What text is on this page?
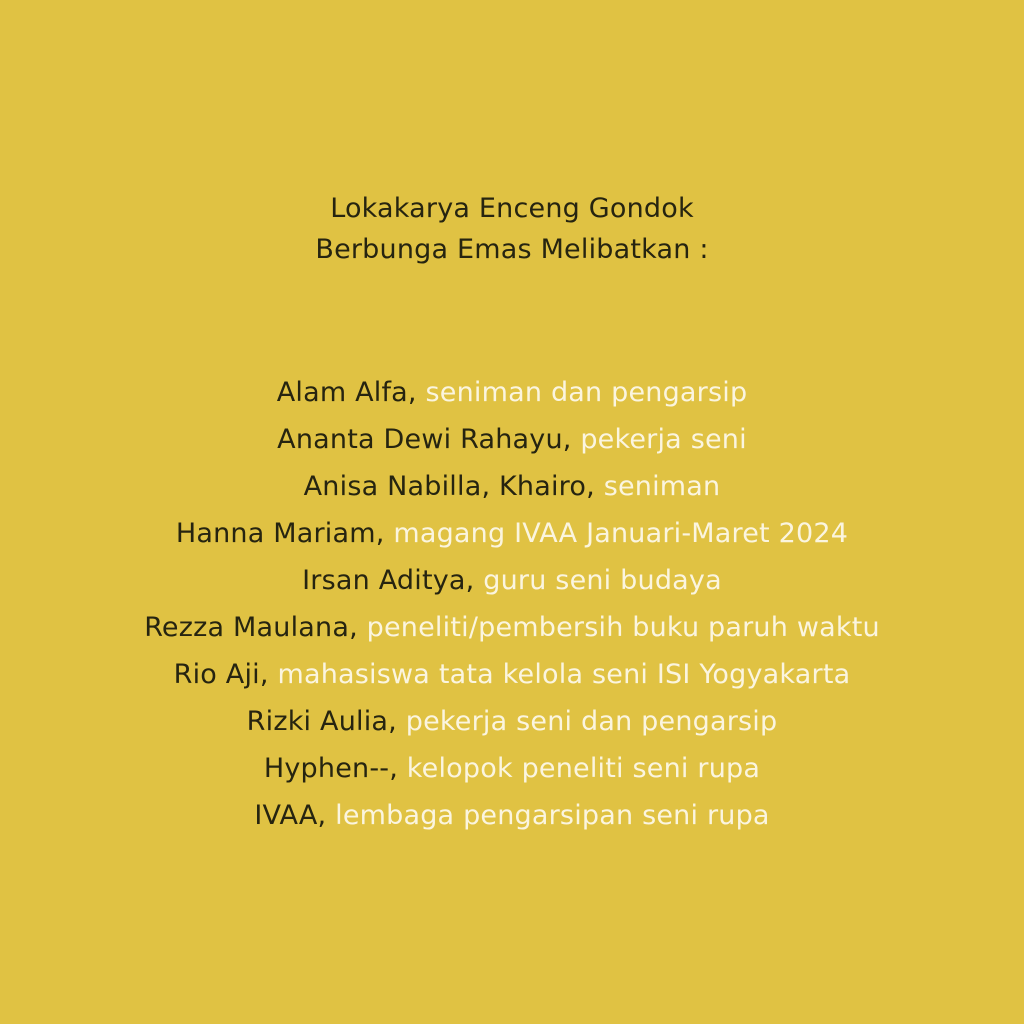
Lokakarya Enceng Gondok
Berbunga Emas Melibatkan :
Alam Alfa, seniman dan pengarsip
Ananta Dewi Rahayu, pekerja seni
Anisa Nabilla, Khairo, seniman
Hanna Mariam, magang IVAA Januari-Maret 2024
Irsan Aditya, guru seni budaya
Rezza Maulana, peneliti/pembersih buku paruh waktu
Rio Aji, mahasiswa tata kelola seni ISI Yogyakarta
Rizki Aulia, pekerja seni dan pengarsip
Hyphen--, kelopok peneliti seni rupa
IVAA, lembaga pengarsipan seni rupa
